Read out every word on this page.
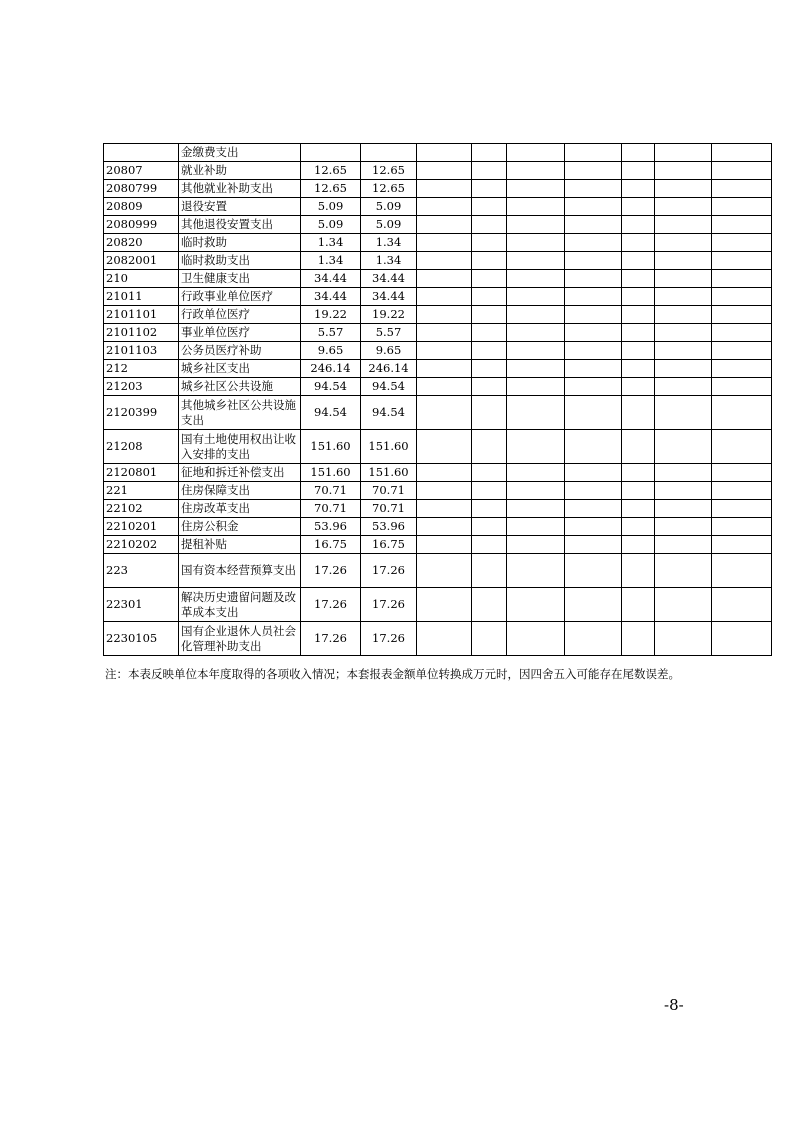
	金缴费支出									
20807	就业补助	12.65	12.65							
2080799	其他就业补助支出	12.65	12.65							
20809	退役安置	5.09	5.09							
2080999	其他退役安置支出	5.09	5.09							
20820	临时救助	1.34	1.34							
2082001	临时救助支出	1.34	1.34							
210	卫生健康支出	34.44	34.44							
21011	行政事业单位医疗	34.44	34.44							
2101101	行政单位医疗	19.22	19.22							
2101102	事业单位医疗	5.57	5.57							
2101103	公务员医疗补助	9.65	9.65							
212	城乡社区支出	246.14	246.14							
21203	城乡社区公共设施	94.54	94.54							
2120399	其他城乡社区公共设施支出	94.54	94.54							
21208	国有土地使用权出让收入安排的支出	151.60	151.60							
2120801	征地和拆迁补偿支出	151.60	151.60							
221	住房保障支出	70.71	70.71							
22102	住房改革支出	70.71	70.71							
2210201	住房公积金	53.96	53.96							
2210202	提租补贴	16.75	16.75							
223	国有资本经营预算支出	17.26	17.26							
22301	解决历史遗留问题及改革成本支出	17.26	17.26							
2230105	国有企业退休人员社会化管理补助支出	17.26	17.26							
注：本表反映单位本年度取得的各项收入情况；本套报表金额单位转换成万元时，因四舍五入可能存在尾数误差。
-8-
